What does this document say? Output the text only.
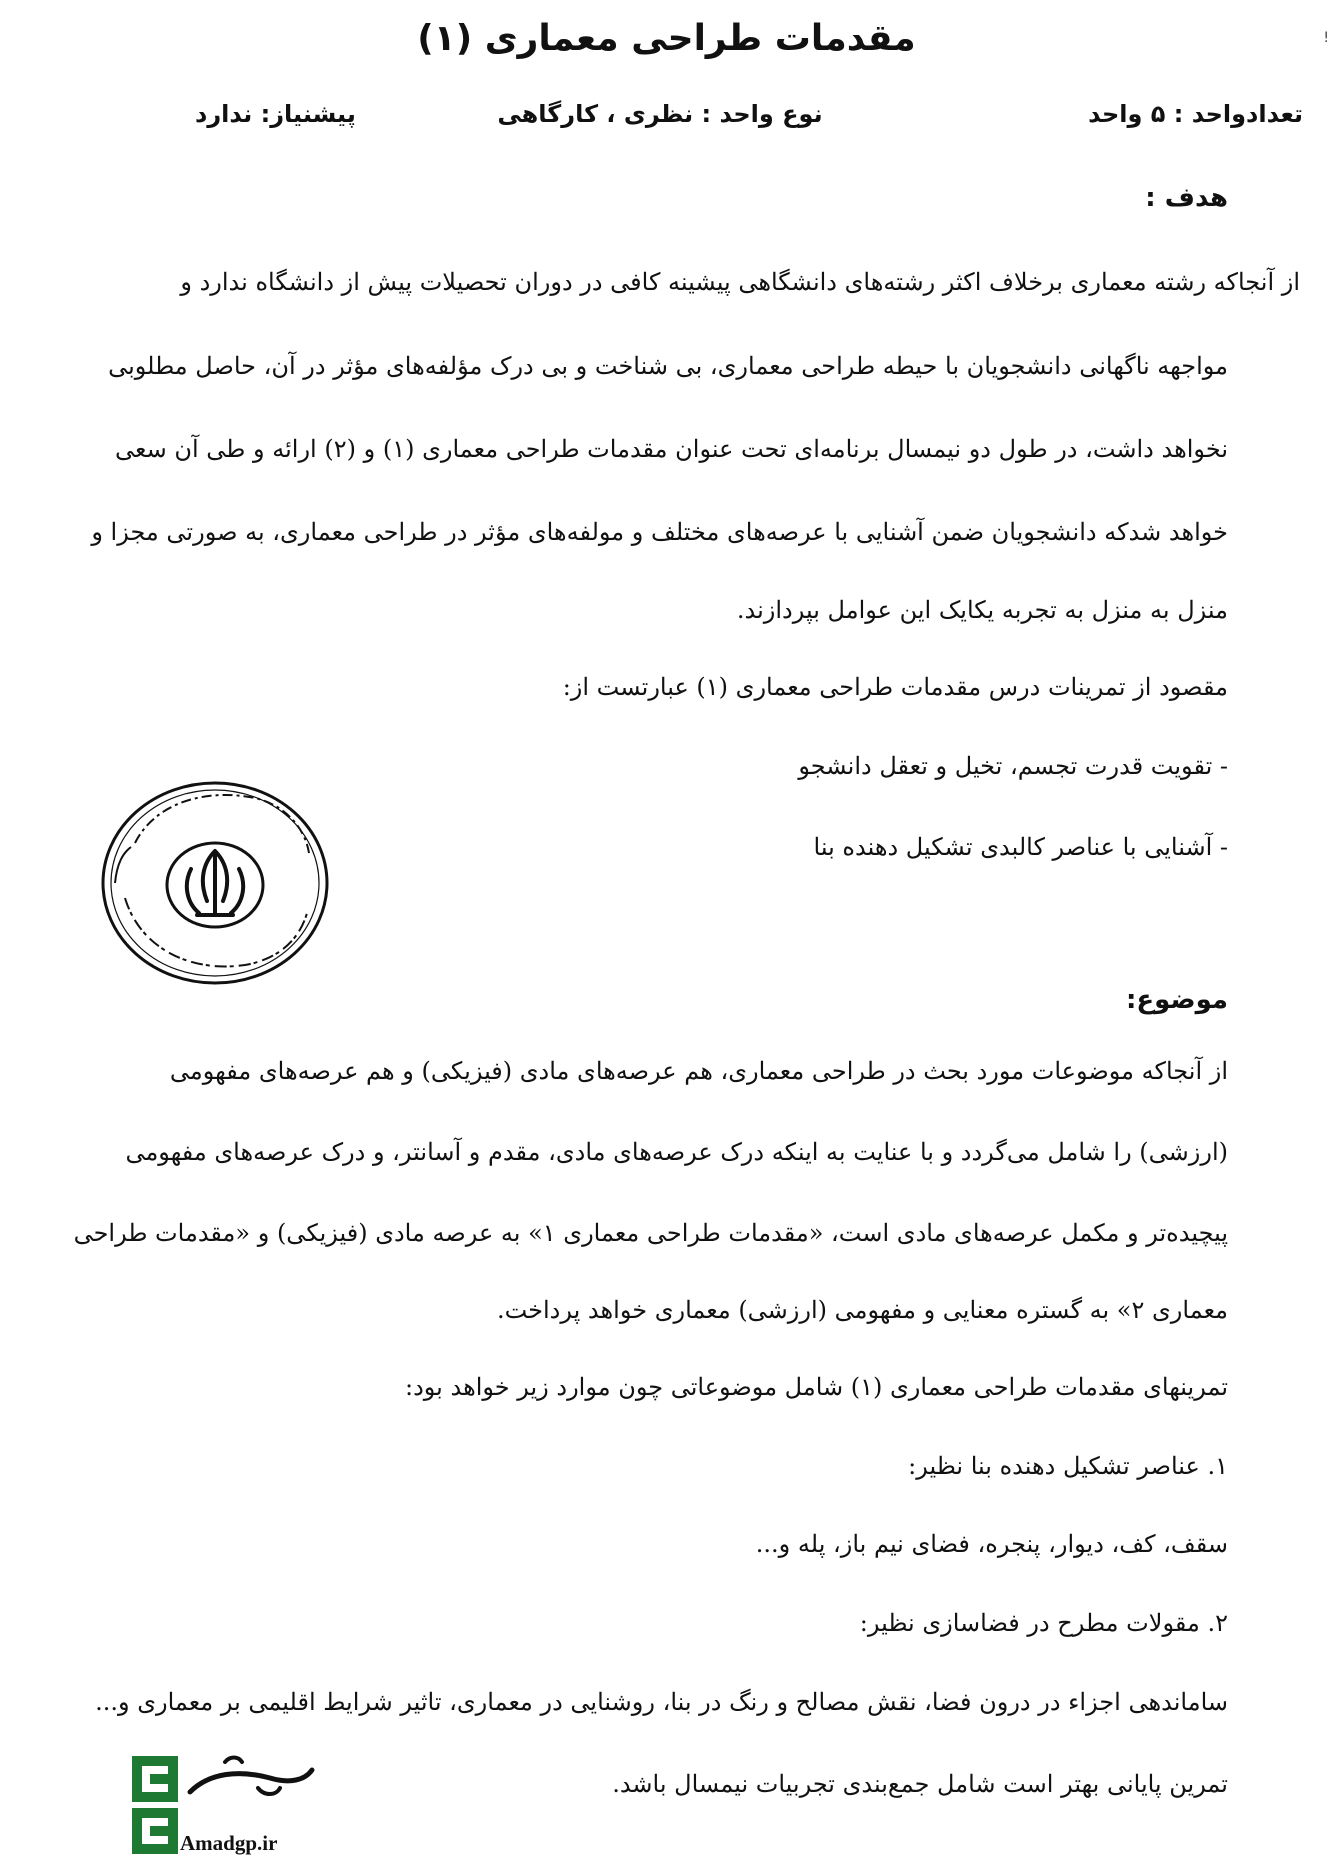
!
مقدمات طراحی معماری (۱)
تعدادواحد : ۵ واحد
نوع واحد : نظری ، کارگاهی
پیشنیاز: ندارد
هدف :
از آنجاکه رشته معماری برخلاف اکثر رشته‌های دانشگاهی پیشینه کافی در دوران تحصیلات پیش از دانشگاه ندارد و
مواجهه ناگهانی دانشجویان با حیطه طراحی معماری، بی شناخت و بی درک مؤلفه‌های مؤثر در آن، حاصل مطلوبی
نخواهد داشت، در طول دو نیمسال برنامه‌ای تحت عنوان مقدمات طراحی معماری (۱) و (۲) ارائه و طی آن سعی
خواهد شدکه دانشجویان ضمن آشنایی با عرصه‌های مختلف و مولفه‌های مؤثر در طراحی معماری، به صورتی مجزا و
منزل به منزل به تجربه یکایک این عوامل بپردازند.
مقصود از تمرینات درس مقدمات طراحی معماری (۱) عبارتست از:
- تقویت قدرت تجسم، تخیل و تعقل دانشجو
- آشنایی با عناصر کالبدی تشکیل دهنده بنا
موضوع:
از آنجاکه موضوعات مورد بحث در طراحی معماری، هم عرصه‌های مادی (فیزیکی) و هم عرصه‌های مفهومی
(ارزشی) را شامل می‌گردد و با عنایت به اینکه درک عرصه‌های مادی، مقدم و آسانتر، و درک عرصه‌های مفهومی
پیچیده‌تر و مکمل عرصه‌های مادی است، «مقدمات طراحی معماری ۱» به عرصه مادی (فیزیکی) و «مقدمات طراحی
معماری ۲» به گستره معنایی و مفهومی (ارزشی) معماری خواهد پرداخت.
تمرینهای مقدمات طراحی معماری (۱) شامل موضوعاتی چون موارد زیر خواهد بود:
۱. عناصر تشکیل دهنده بنا نظیر:
سقف، کف، دیوار، پنجره، فضای نیم باز، پله و...
۲. مقولات مطرح در فضاسازی نظیر:
ساماندهی اجزاء در درون فضا، نقش مصالح و رنگ در بنا، روشنایی در معماری، تاثیر شرایط اقلیمی بر معماری و...
تمرین پایانی بهتر است شامل جمع‌بندی تجربیات نیمسال باشد.
Amadgp.ir
